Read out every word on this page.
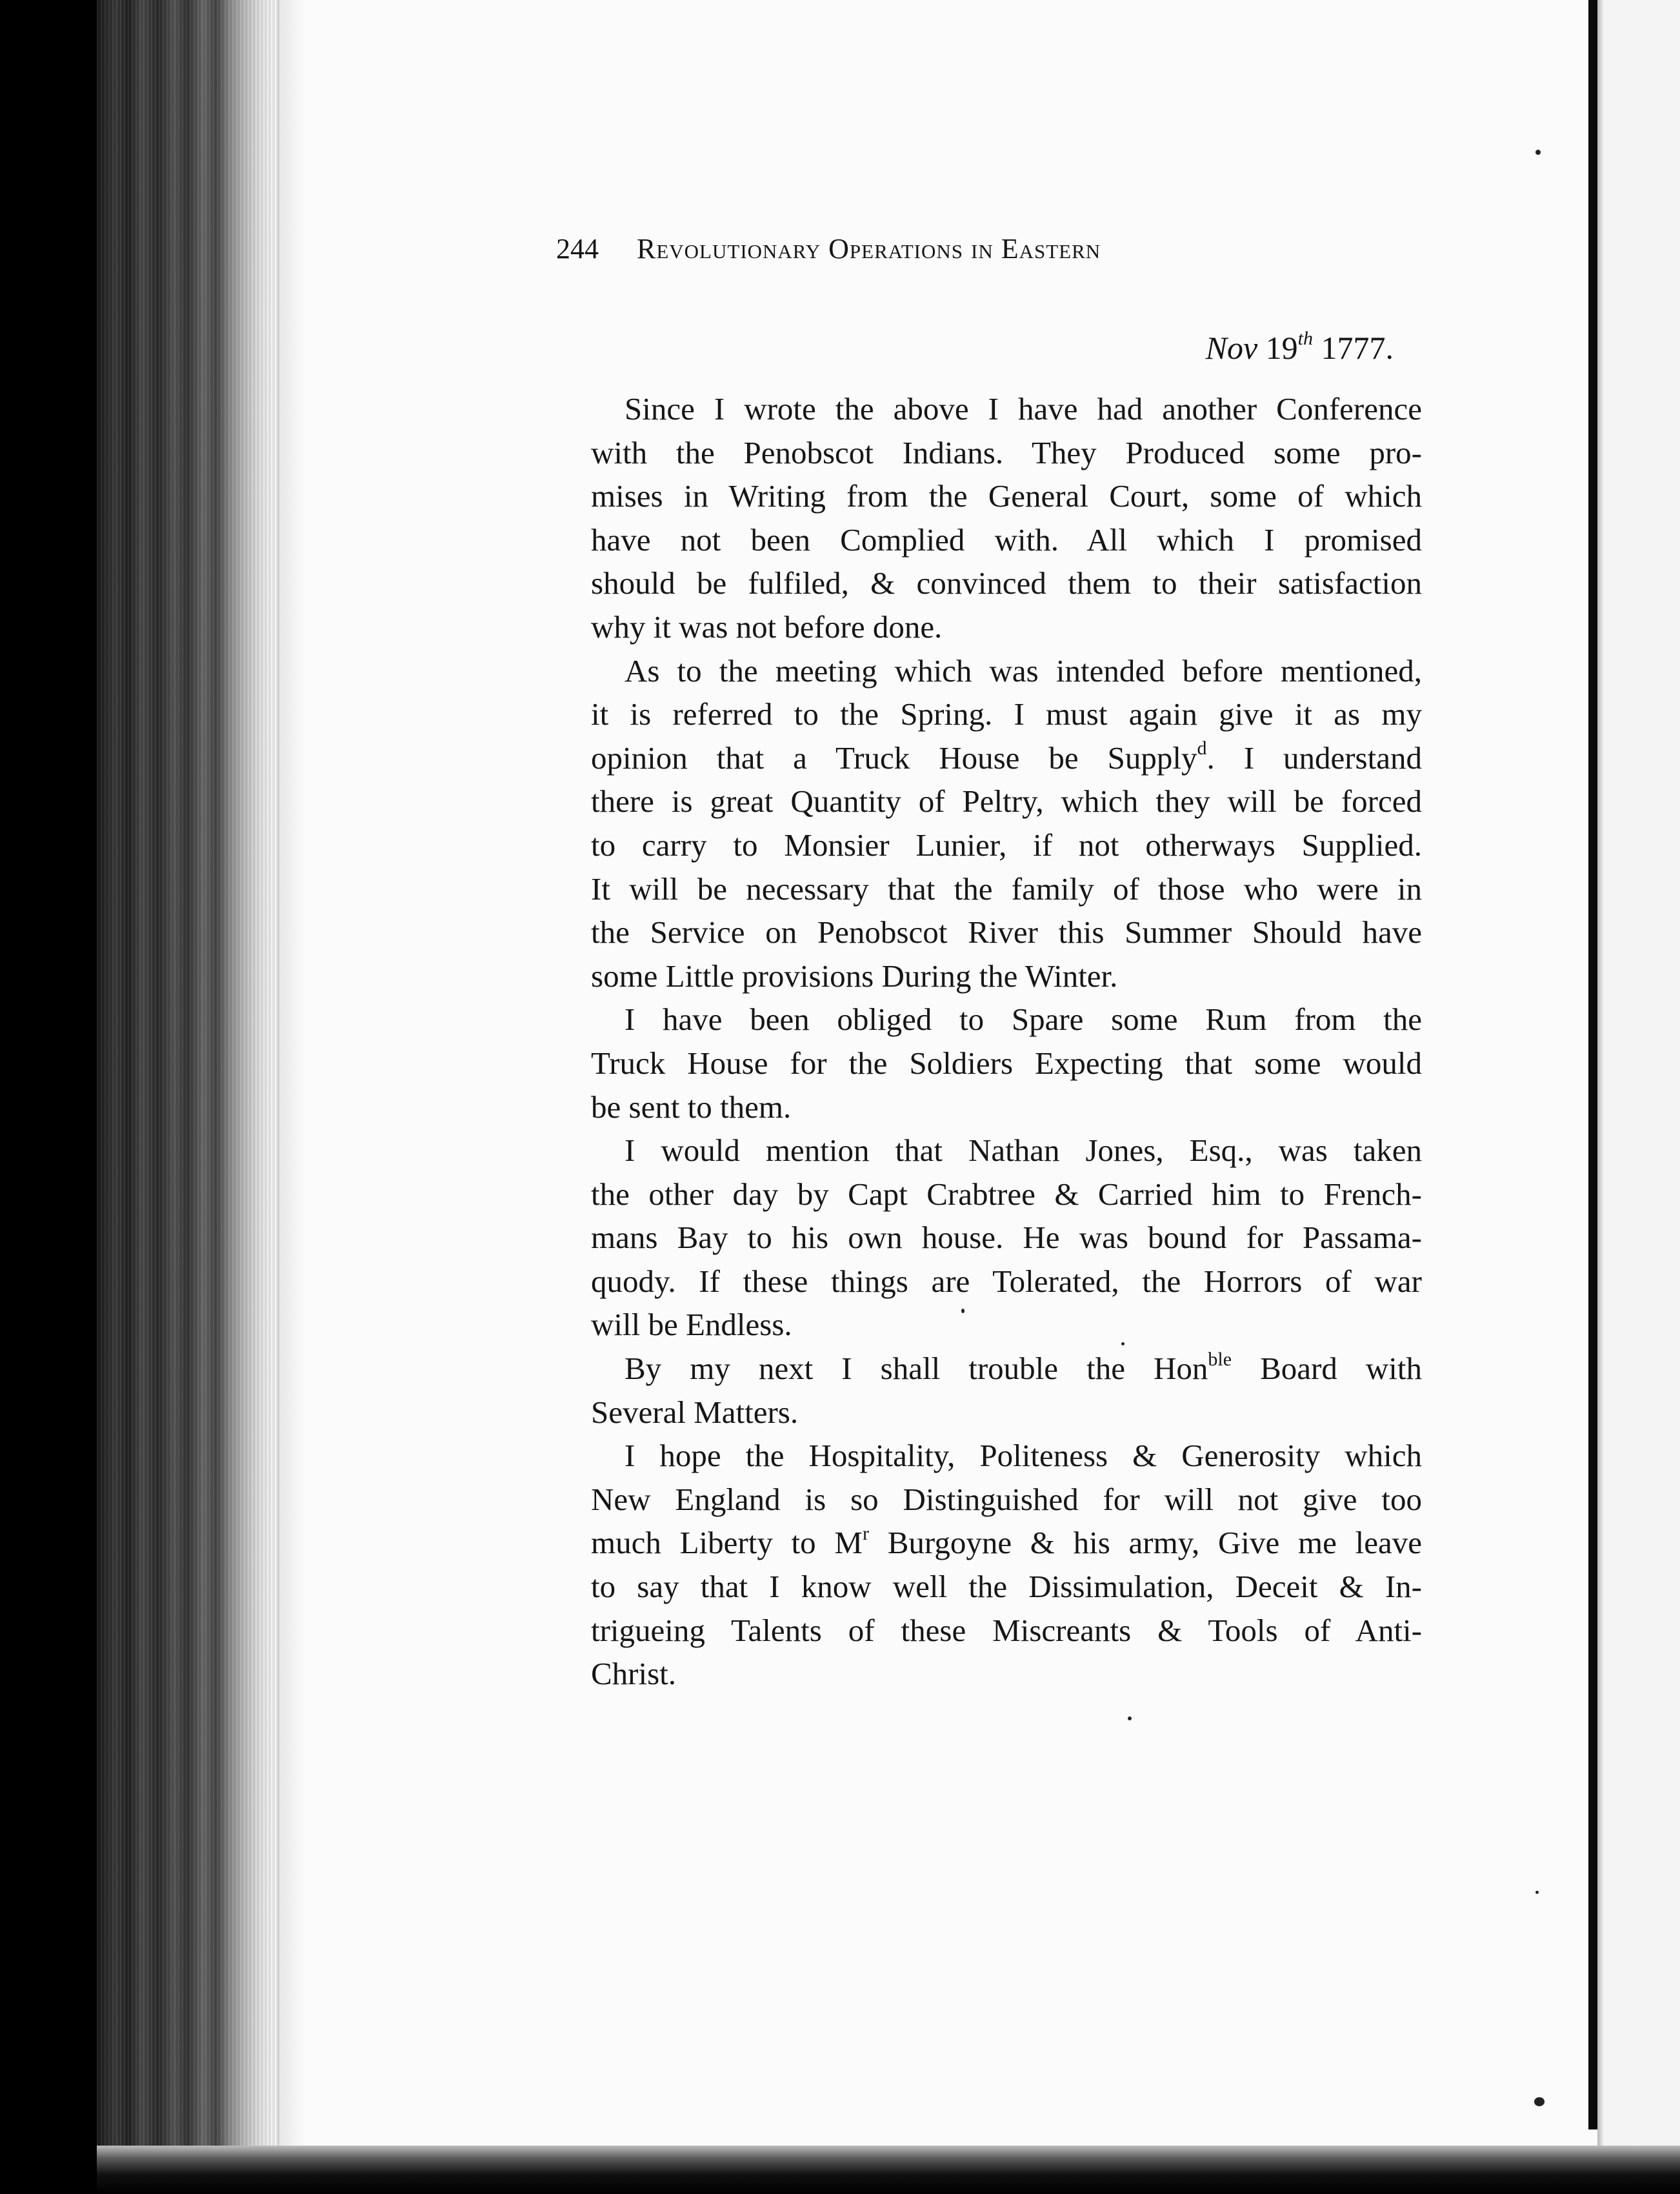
244 Revolutionary Operations in Eastern
Nov 19th 1777.
Since I wrote the above I have had another Conference
with the Penobscot Indians. They Produced some pro-
mises in Writing from the General Court, some of which
have not been Complied with. All which I promised
should be fulfiled, & convinced them to their satisfaction
why it was not before done.
As to the meeting which was intended before mentioned,
it is referred to the Spring. I must again give it as my
opinion that a Truck House be Supply$^d$. I understand
there is great Quantity of Peltry, which they will be forced
to carry to Monsier Lunier, if not otherways Supplied.
It will be necessary that the family of those who were in
the Service on Penobscot River this Summer Should have
some Little provisions During the Winter.
I have been obliged to Spare some Rum from the
Truck House for the Soldiers Expecting that some would
be sent to them.
I would mention that Nathan Jones, Esq., was taken
the other day by Capt Crabtree & Carried him to French-
mans Bay to his own house. He was bound for Passama-
quody. If these things are Tolerated, the Horrors of war
will be Endless.
By my next I shall trouble the Hon$^{ble}$ Board with
Several Matters.
I hope the Hospitality, Politeness & Generosity which
New England is so Distinguished for will not give too
much Liberty to $M^r$ Burgoyne & his army, Give me leave
to say that I know well the Dissimulation, Deceit & In-
trigueing Talents of these Miscreants & Tools of Anti-
Christ.
